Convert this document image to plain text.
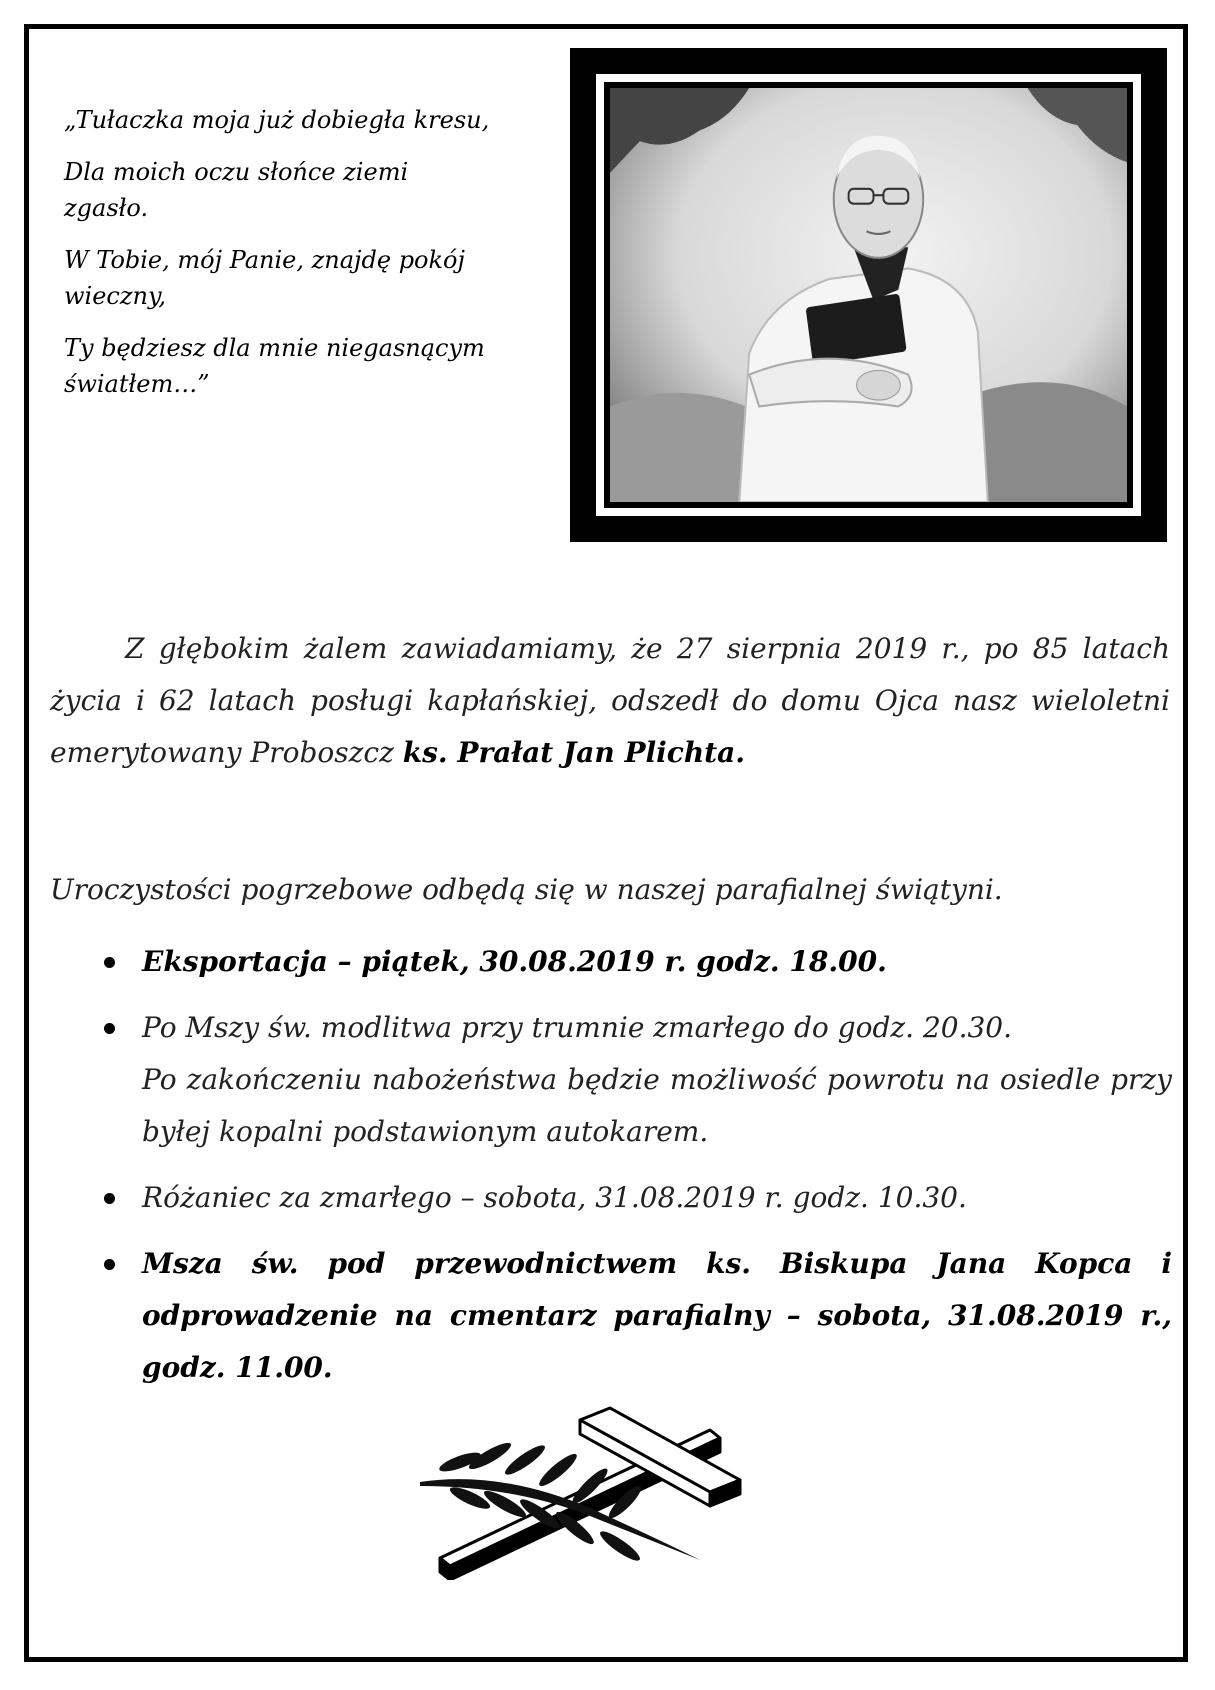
„Tułaczka moja już dobiegła kresu,

Dla moich oczu słońce ziemi zgasło.

W Tobie, mój Panie, znajdę pokój wieczny,

Ty będziesz dla mnie niegasnącym światłem…”

Z głębokim żalem zawiadamiamy, że 27 sierpnia 2019 r., po 85 latach życia i 62 latach posługi kapłańskiej, odszedł do domu Ojca nasz wieloletni emerytowany Proboszcz ks. Prałat Jan Plichta.

Uroczystości pogrzebowe odbędą się w naszej parafialnej świątyni.

Eksportacja – piątek, 30.08.2019 r. godz. 18.00.
Po Mszy św. modlitwa przy trumnie zmarłego do godz. 20.30.
Po zakończeniu nabożeństwa będzie możliwość powrotu na osiedle przy byłej kopalni podstawionym autokarem.
Różaniec za zmarłego – sobota, 31.08.2019 r. godz. 10.30.
Msza św. pod przewodnictwem ks. Biskupa Jana Kopca i odprowadzenie na cmentarz parafialny – sobota, 31.08.2019 r., godz. 11.00.
